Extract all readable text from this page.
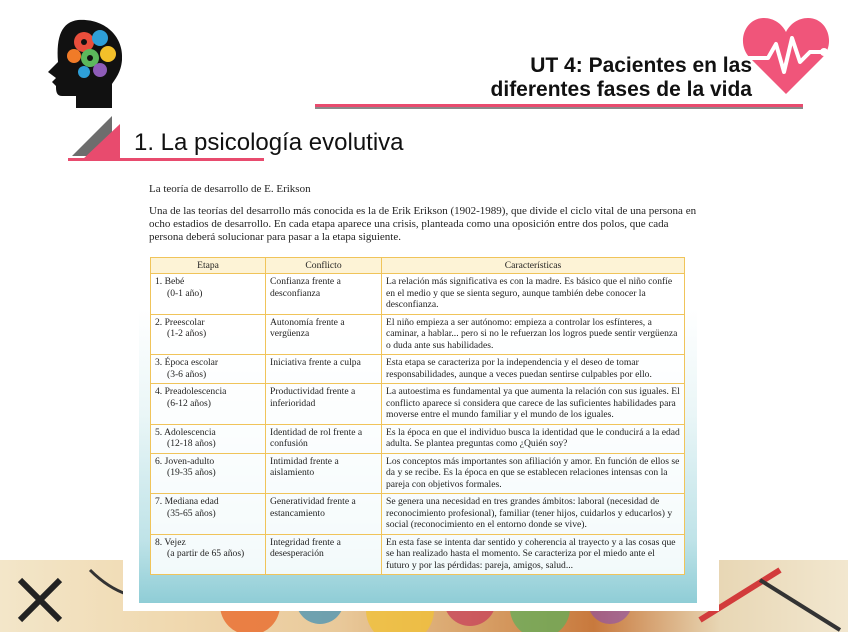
UT 4: Pacientes en las
diferentes fases de la vida
1. La psicología evolutiva
La teoría de desarrollo de E. Erikson
Una de las teorías del desarrollo más conocida es la de Erik Erikson (1902-1989), que divide el ciclo vital de una persona en ocho estadios de desarrollo. En cada etapa aparece una crisis, planteada como una oposición entre dos polos, que cada persona deberá solucionar para pasar a la etapa siguiente.
Etapa	Conflicto	Características
1. Bebé
(0-1 año)	Confianza frente a desconfianza	La relación más significativa es con la madre. Es básico que el niño confíe en el medio y que se sienta seguro, aunque también debe conocer la desconfianza.
2. Preescolar
(1-2 años)	Autonomía frente a vergüenza	El niño empieza a ser autónomo: empieza a controlar los esfínteres, a caminar, a hablar... pero si no le refuerzan los logros puede sentir vergüenza o duda ante sus habilidades.
3. Época escolar
(3-6 años)	Iniciativa frente a culpa	Esta etapa se caracteriza por la independencia y el deseo de tomar responsabilidades, aunque a veces puedan sentirse culpables por ello.
4. Preadolescencia
(6-12 años)	Productividad frente a inferioridad	La autoestima es fundamental ya que aumenta la relación con sus iguales. El conflicto aparece si considera que carece de las suficientes habilidades para moverse entre el mundo familiar y el mundo de los iguales.
5. Adolescencia
(12-18 años)	Identidad de rol frente a confusión	Es la época en que el individuo busca la identidad que le conducirá a la edad adulta. Se plantea preguntas como ¿Quién soy?
6. Joven-adulto
(19-35 años)	Intimidad frente a aislamiento	Los conceptos más importantes son afiliación y amor. En función de ellos se da y se recibe. Es la época en que se establecen relaciones intensas con la pareja con objetivos formales.
7. Mediana edad
(35-65 años)	Generatividad frente a estancamiento	Se genera una necesidad en tres grandes ámbitos: laboral (necesidad de reconocimiento profesional), familiar (tener hijos, cuidarlos y educarlos) y social (reconocimiento en el entorno donde se vive).
8. Vejez
(a partir de 65 años)	Integridad frente a desesperación	En esta fase se intenta dar sentido y coherencia al trayecto y a las cosas que se han realizado hasta el momento. Se caracteriza por el miedo ante el futuro y por las pérdidas: pareja, amigos, salud...
